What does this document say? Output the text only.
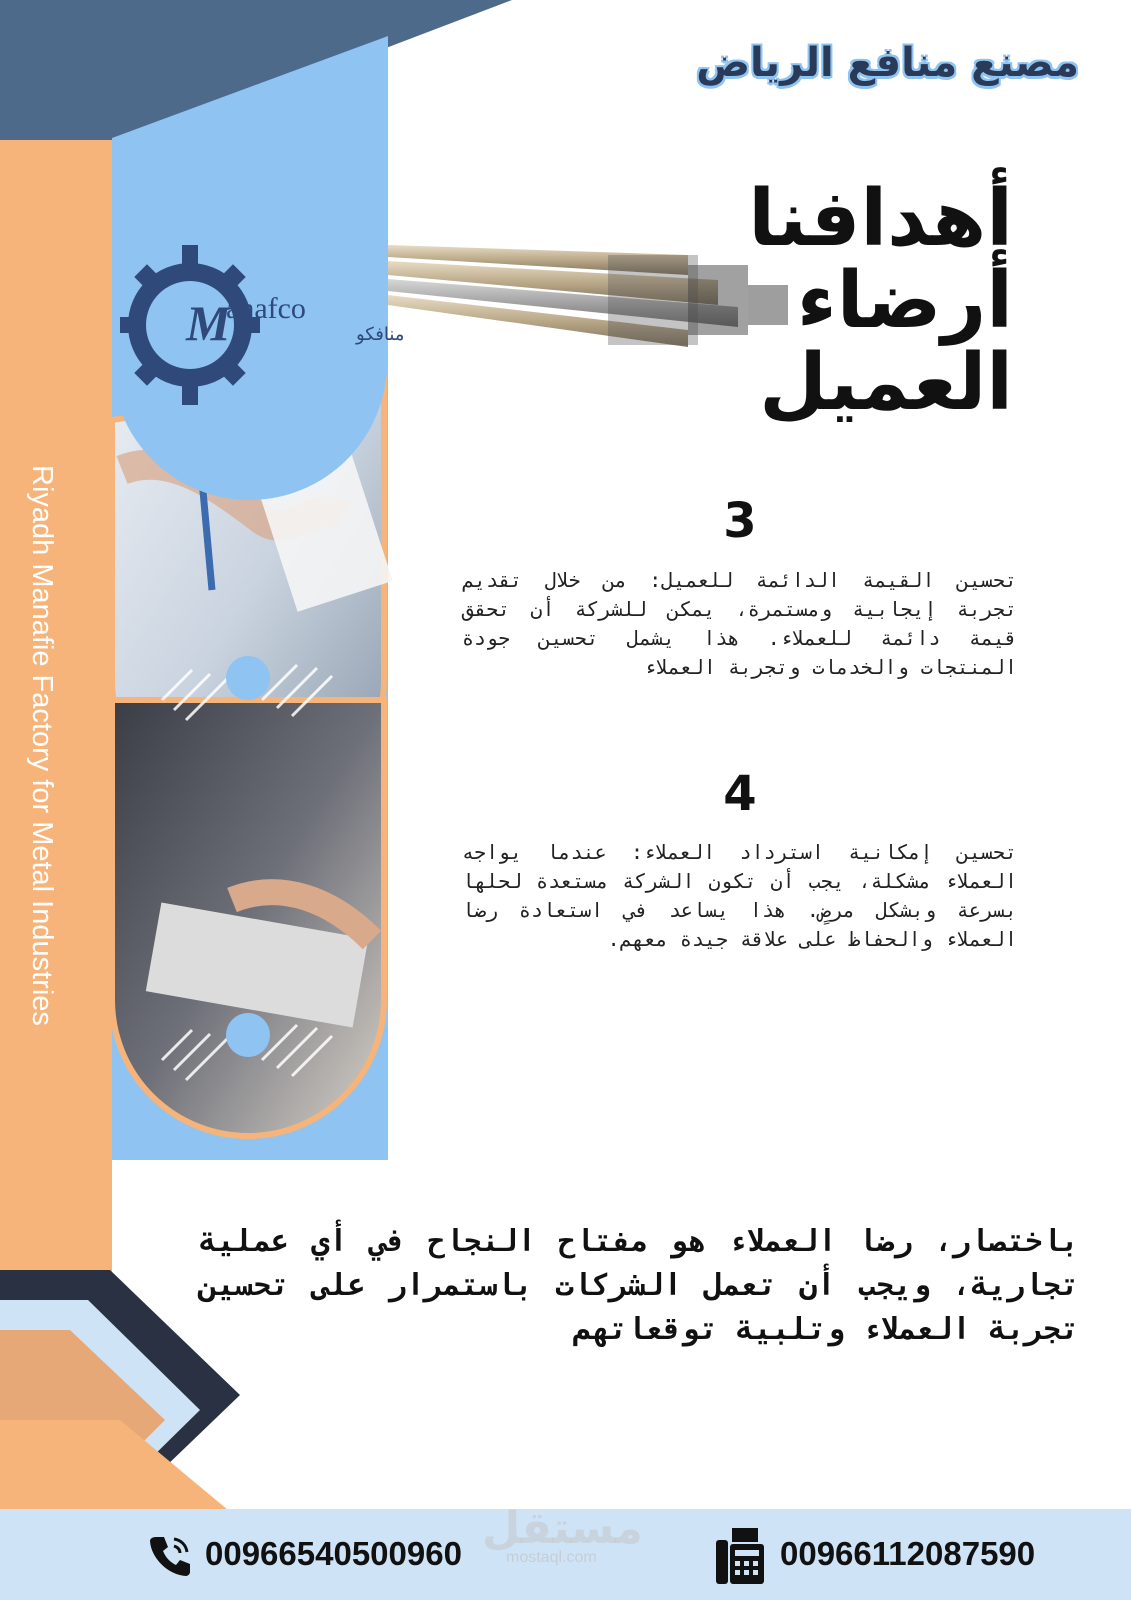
M
anafco
منافكو
مصنع منافع الرياض
أهدافنا
أرضاء
العميل
3
تحسين القيمة الدائمة للعميل: من خلال تقديم تجربة إيجابية ومستمرة، يمكن للشركة أن تحقق قيمة دائمة للعملاء. هذا يشمل تحسين جودة المنتجات والخدمات وتجربة العملاء
4
تحسين إمكانية استرداد العملاء: عندما يواجه العملاء مشكلة، يجب أن تكون الشركة مستعدة لحلها بسرعة وبشكل مرضٍ. هذا يساعد في استعادة رضا العملاء والحفاظ على علاقة جيدة معهم.
Riyadh Manafie Factory for Metal Industries
باختصار، رضا العملاء هو مفتاح النجاح في أي عملية تجارية، ويجب أن تعمل الشركات باستمرار على تحسين تجربة العملاء وتلبية توقعاتهم
مستقل
mostaql.com
00966540500960	00966112087590
